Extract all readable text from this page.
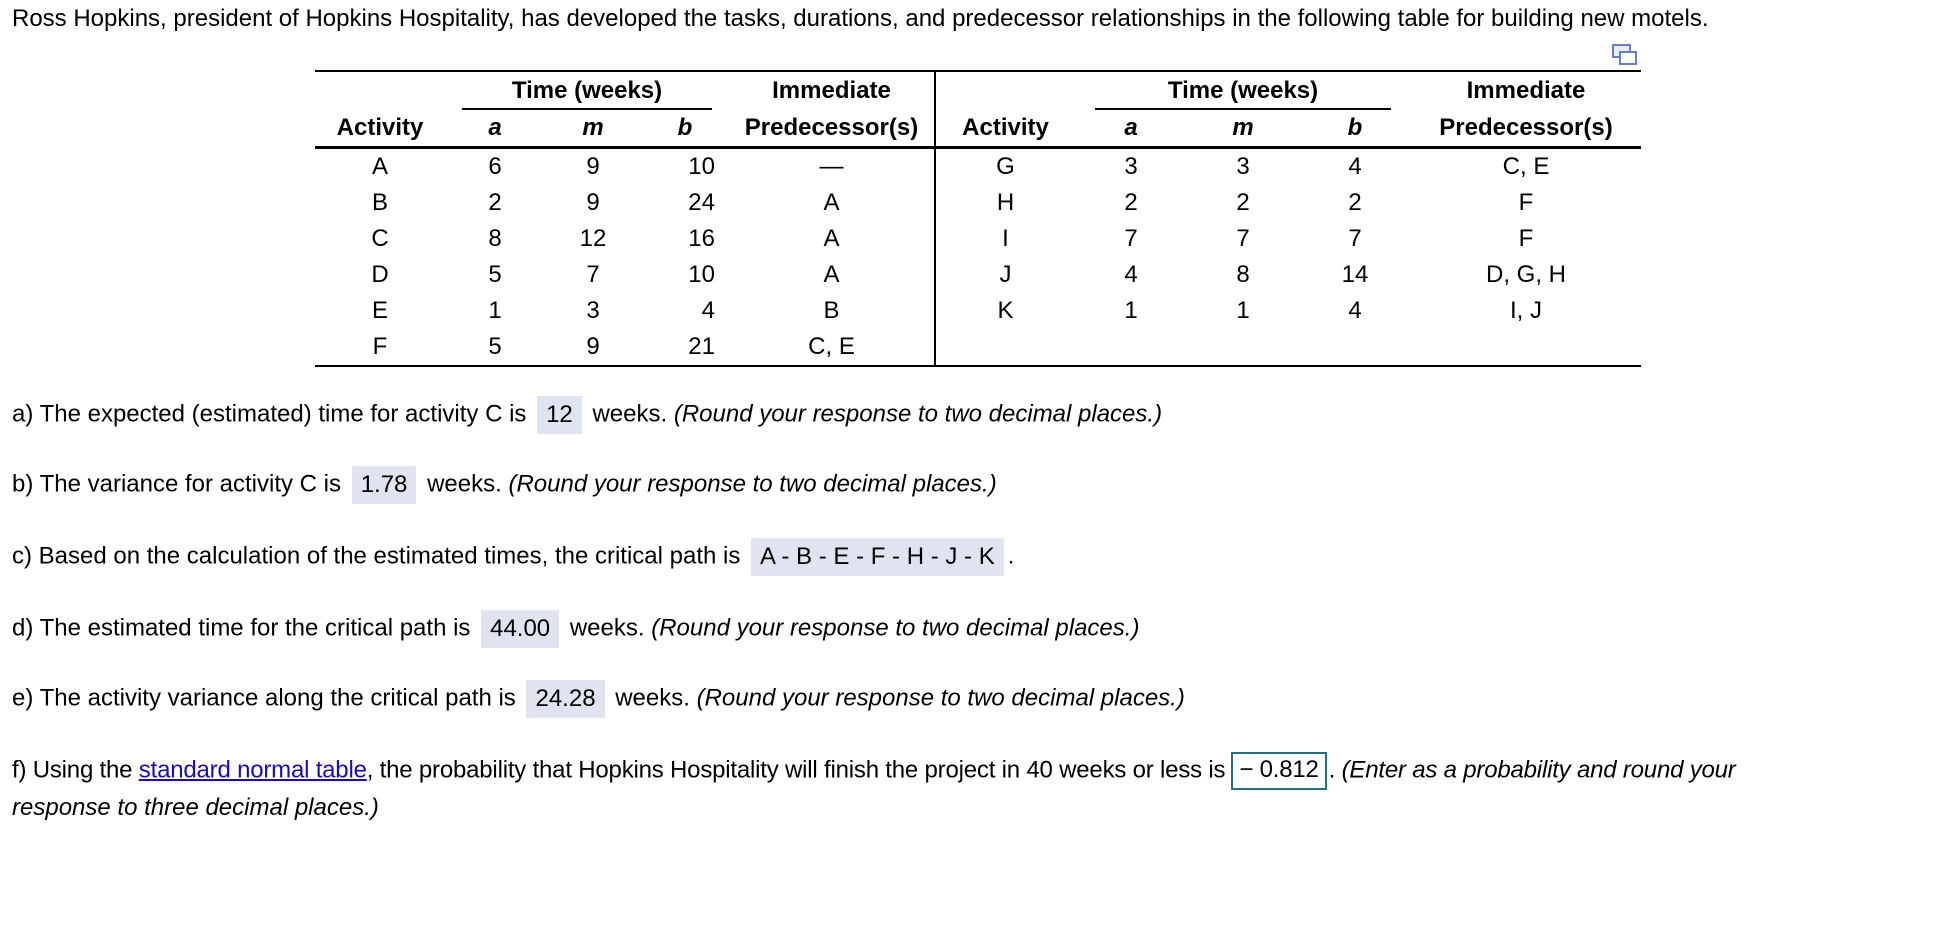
Ross Hopkins, president of Hopkins Hospitality, has developed the tasks, durations, and predecessor relationships in the following table for building new motels.
	Time (weeks)			Immediate		Time (weeks)			Immediate
Activity	a	m	b	Predecessor(s)	Activity	a	m	b	Predecessor(s)
A	6	9	10	—	G	3	3	4	C, E
B	2	9	24	A	H	2	2	2	F
C	8	12	16	A	I	7	7	7	F
D	5	7	10	A	J	4	8	14	D, G, H
E	1	3	4	B	K	1	1	4	I, J
F	5	9	21	C, E					
a) The expected (estimated) time for activity C is 12 weeks. (Round your response to two decimal places.)
b) The variance for activity C is 1.78 weeks. (Round your response to two decimal places.)
c) Based on the calculation of the estimated times, the critical path is A - B - E - F - H - J - K .
d) The estimated time for the critical path is 44.00 weeks. (Round your response to two decimal places.)
e) The activity variance along the critical path is 24.28 weeks. (Round your response to two decimal places.)
f) Using the standard normal table, the probability that Hopkins Hospitality will finish the project in 40 weeks or less is − 0.812 . (Enter as a probability and round your
response to three decimal places.)
